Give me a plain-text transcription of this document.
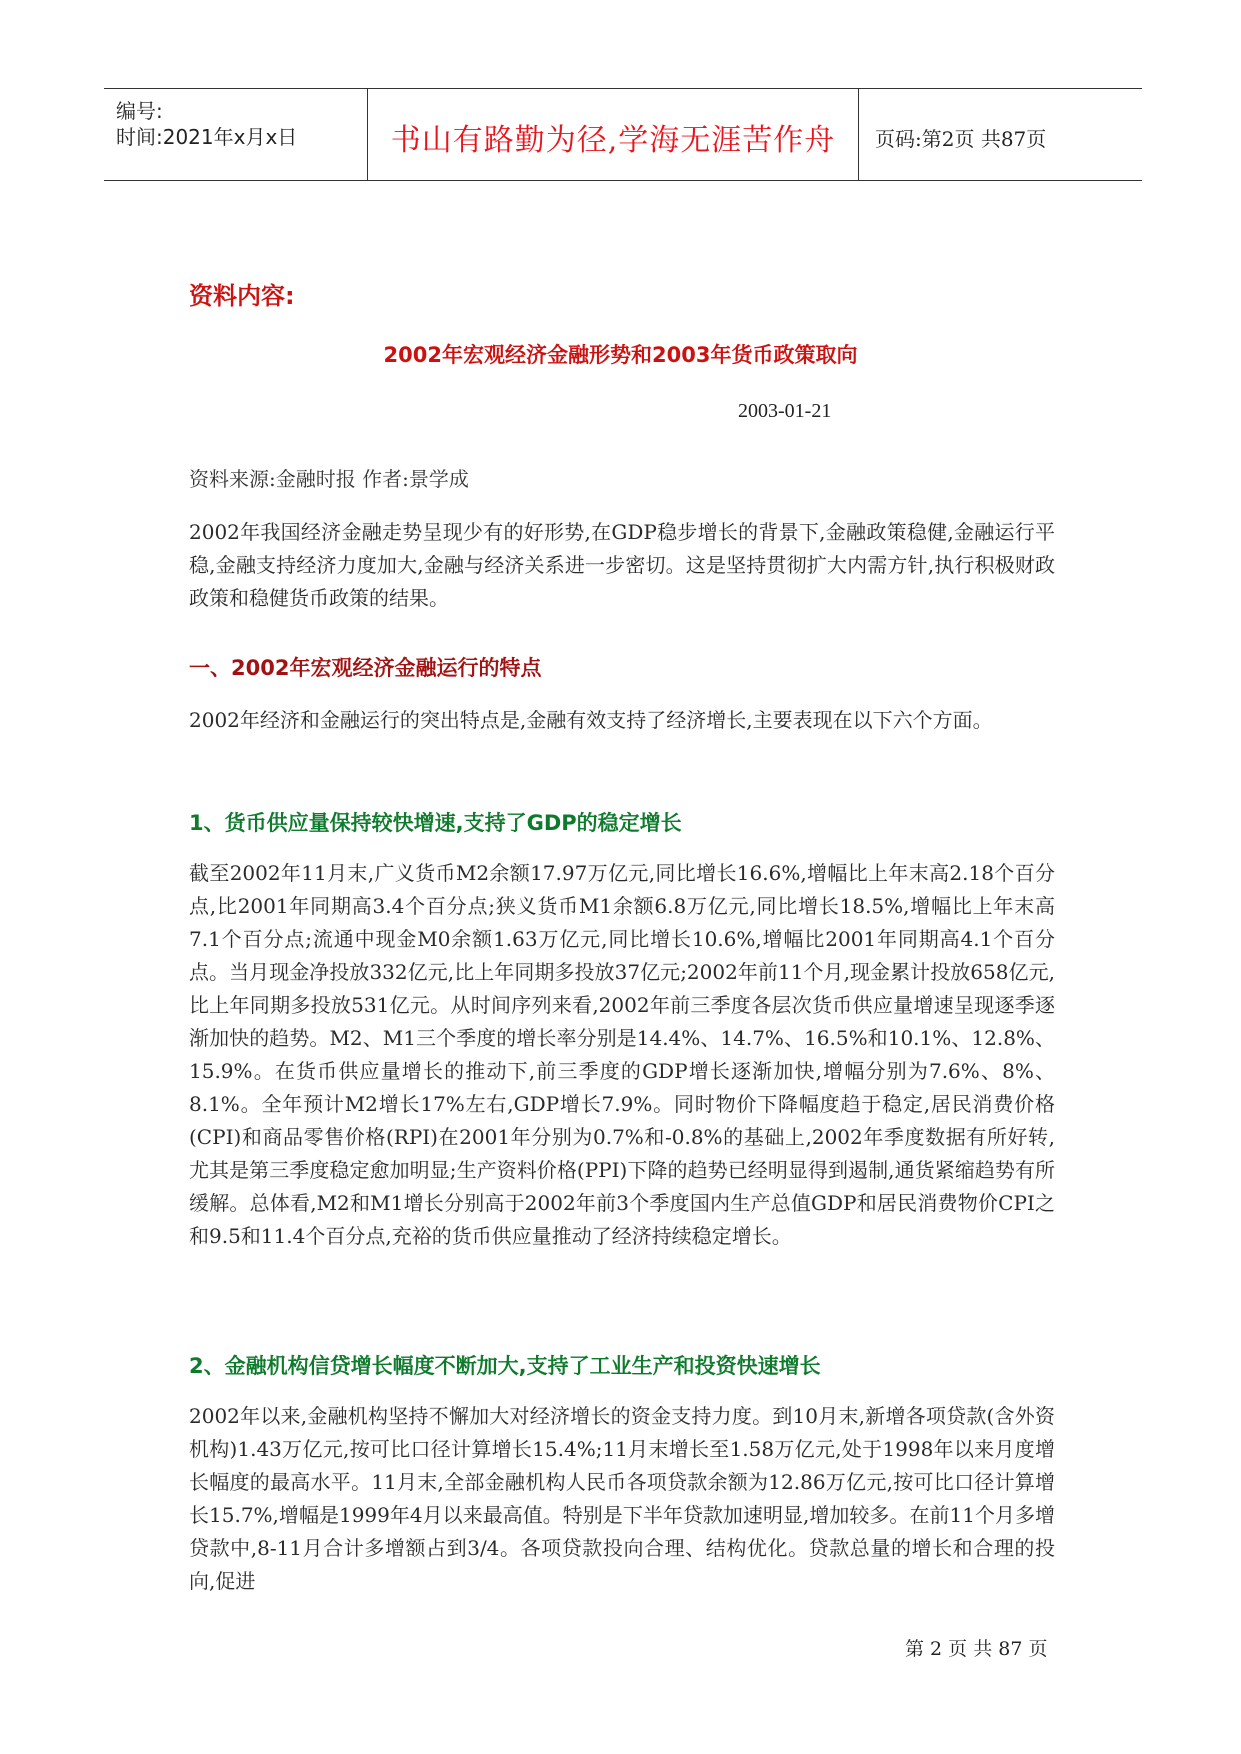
编号:
时间:2021年x月x日	书山有路勤为径,学海无涯苦作舟	页码:第2页 共87页
资料内容:
2002年宏观经济金融形势和2003年货币政策取向
2003-01-21
资料来源:金融时报 作者:景学成

2002年我国经济金融走势呈现少有的好形势,在GDP稳步增长的背景下,金融政策稳健,金融运行平稳,金融支持经济力度加大,金融与经济关系进一步密切。这是坚持贯彻扩大内需方针,执行积极财政政策和稳健货币政策的结果。

一、2002年宏观经济金融运行的特点

2002年经济和金融运行的突出特点是,金融有效支持了经济增长,主要表现在以下六个方面。

1、货币供应量保持较快增速,支持了GDP的稳定增长

截至2002年11月末,广义货币M2余额17.97万亿元,同比增长16.6%,增幅比上年末高2.18个百分点,比2001年同期高3.4个百分点;狭义货币M1余额6.8万亿元,同比增长18.5%,增幅比上年末高7.1个百分点;流通中现金M0余额1.63万亿元,同比增长10.6%,增幅比2001年同期高4.1个百分点。当月现金净投放332亿元,比上年同期多投放37亿元;2002年前11个月,现金累计投放658亿元,比上年同期多投放531亿元。从时间序列来看,2002年前三季度各层次货币供应量增速呈现逐季逐渐加快的趋势。M2、M1三个季度的增长率分别是14.4%、14.7%、16.5%和10.1%、12.8%、15.9%。在货币供应量增长的推动下,前三季度的GDP增长逐渐加快,增幅分别为7.6%、8%、8.1%。全年预计M2增长17%左右,GDP增长7.9%。同时物价下降幅度趋于稳定,居民消费价格(CPI)和商品零售价格(RPI)在2001年分别为0.7%和-0.8%的基础上,2002年季度数据有所好转,尤其是第三季度稳定愈加明显;生产资料价格(PPI)下降的趋势已经明显得到遏制,通货紧缩趋势有所缓解。总体看,M2和M1增长分别高于2002年前3个季度国内生产总值GDP和居民消费物价CPI之和9.5和11.4个百分点,充裕的货币供应量推动了经济持续稳定增长。

2、金融机构信贷增长幅度不断加大,支持了工业生产和投资快速增长

2002年以来,金融机构坚持不懈加大对经济增长的资金支持力度。到10月末,新增各项贷款(含外资机构)1.43万亿元,按可比口径计算增长15.4%;11月末增长至1.58万亿元,处于1998年以来月度增长幅度的最高水平。11月末,全部金融机构人民币各项贷款余额为12.86万亿元,按可比口径计算增长15.7%,增幅是1999年4月以来最高值。特别是下半年贷款加速明显,增加较多。在前11个月多增贷款中,8-11月合计多增额占到3/4。各项贷款投向合理、结构优化。贷款总量的增长和合理的投向,促进

第 2 页 共 87 页
